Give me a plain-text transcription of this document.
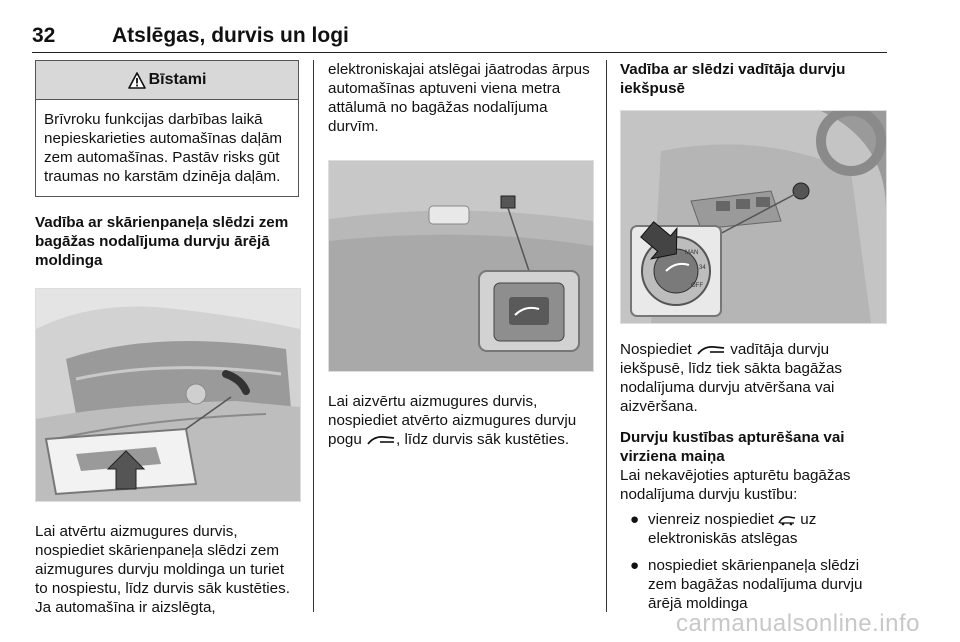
32	Atslēgas, durvis un logi
Bīstami

Brīvroku funkcijas darbības laikā nepieskarieties automašīnas daļām zem automašīnas. Pastāv risks gūt traumas no karstām dzinēja daļām.

Vadība ar skārienpaneļa slēdzi zem bagāžas nodalījuma durvju ārējā moldinga

Lai atvērtu aizmugures durvis, nospiediet skārienpaneļa slēdzi zem aizmugures durvju moldinga un turiet to nospiestu, līdz durvis sāk kustēties. Ja automašīna ir aizslēgta,

elektroniskajai atslēgai jāatrodas ārpus automašīnas aptuveni viena metra attālumā no bagāžas nodalījuma durvīm.

Lai aizvērtu aizmugures durvis, nospiediet atvērto aizmugures durvju pogu , līdz durvis sāk kustēties.

Vadība ar slēdzi vadītāja durvju iekšpusē
MAN
34
OFF

Nospiediet	vadītāja durvju iekšpusē, līdz tiek sākta bagāžas nodalījuma durvju atvēršana vai aizvēršana.

Durvju kustības apturēšana vai virziena maiņa

Lai nekavējoties apturētu bagāžas nodalījuma durvju kustību:

● vienreiz nospiediet uz elektroniskās atslēgas
● nospiediet skārienpaneļa slēdzi zem bagāžas nodalījuma durvju ārējā moldinga
carmanualsonline.info
